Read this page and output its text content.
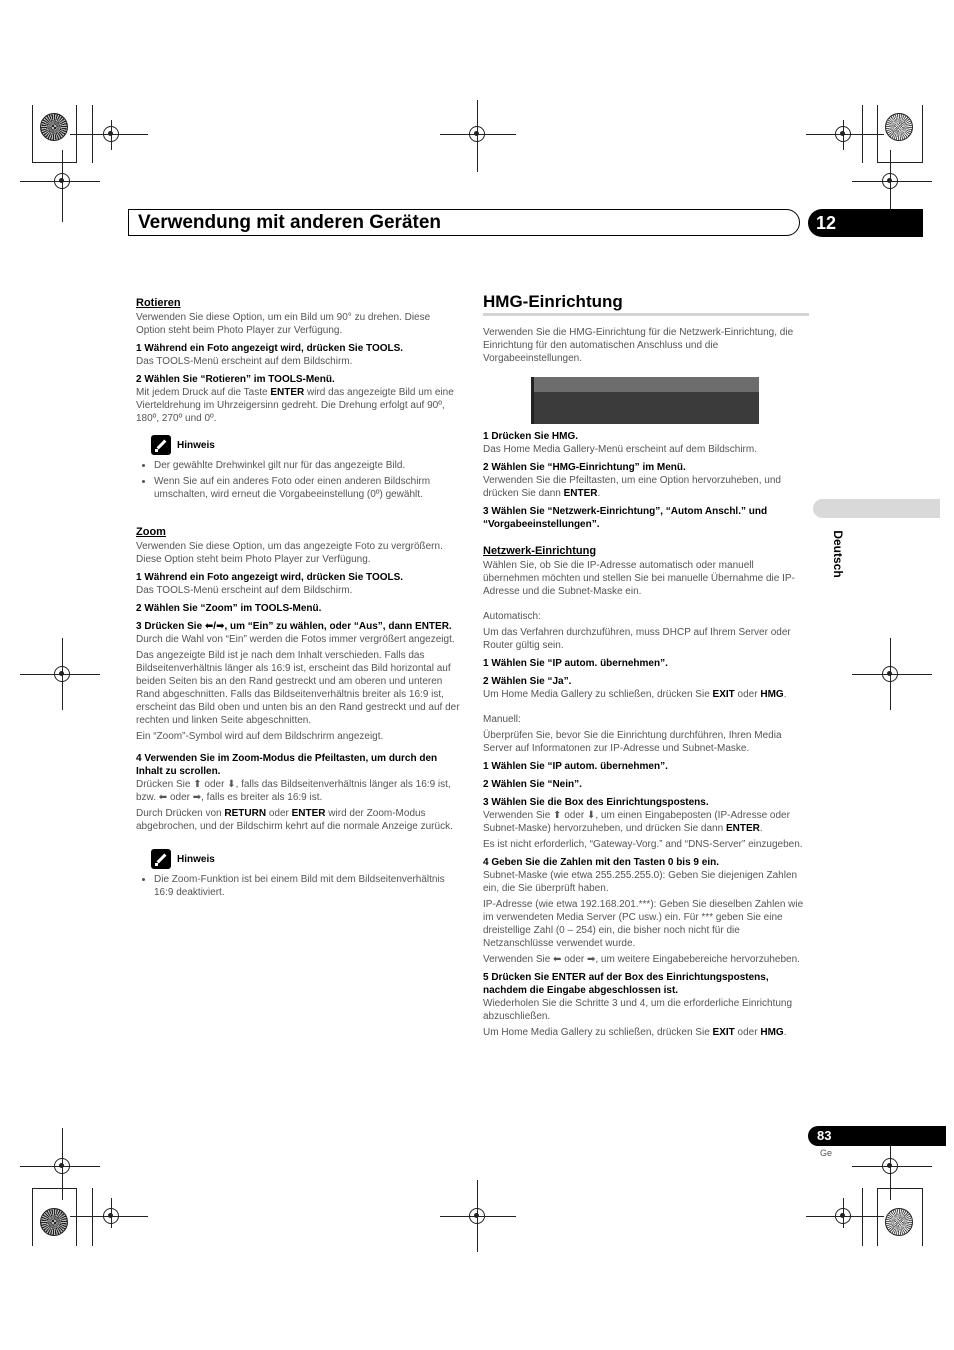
Verwendung mit anderen Geräten	12
Deutsch
83
Ge
Rotieren

Verwenden Sie diese Option, um ein Bild um 90° zu drehen. Diese Option steht beim Photo Player zur Verfügung.

1 Während ein Foto angezeigt wird, drücken Sie TOOLS.

Das TOOLS-Menü erscheint auf dem Bildschirm.

2 Wählen Sie “Rotieren” im TOOLS-Menü.

Mit jedem Druck auf die Taste ENTER wird das angezeigte Bild um eine Vierteldrehung im Uhrzeigersinn gedreht. Die Drehung erfolgt auf 90º, 180º, 270º und 0º.

Hinweis
• Der gewählte Drehwinkel gilt nur für das angezeigte Bild.
• Wenn Sie auf ein anderes Foto oder einen anderen Bildschirm umschalten, wird erneut die Vorgabeeinstellung (0º) gewählt.
Zoom

Verwenden Sie diese Option, um das angezeigte Foto zu vergrößern. Diese Option steht beim Photo Player zur Verfügung.

1 Während ein Foto angezeigt wird, drücken Sie TOOLS.

Das TOOLS-Menü erscheint auf dem Bildschirm.

2 Wählen Sie “Zoom” im TOOLS-Menü.
3 Drücken Sie ⬅/➡, um “Ein” zu wählen, oder “Aus”, dann ENTER.

Durch die Wahl von “Ein” werden die Fotos immer vergrößert angezeigt.

Das angezeigte Bild ist je nach dem Inhalt verschieden. Falls das Bildseitenverhältnis länger als 16:9 ist, erscheint das Bild horizontal auf beiden Seiten bis an den Rand gestreckt und am oberen und unteren Rand abgeschnitten. Falls das Bildseitenverhältnis breiter als 16:9 ist, erscheint das Bild oben und unten bis an den Rand gestreckt und auf der rechten und linken Seite abgeschnitten.

Ein “Zoom”-Symbol wird auf dem Bildschrirm angezeigt.

4 Verwenden Sie im Zoom-Modus die Pfeiltasten, um durch den Inhalt zu scrollen.

Drücken Sie ⬆ oder ⬇, falls das Bildseitenverhältnis länger als 16:9 ist, bzw. ⬅ oder ➡, falls es breiter als 16:9 ist.

Durch Drücken von RETURN oder ENTER wird der Zoom-Modus abgebrochen, und der Bildschirm kehrt auf die normale Anzeige zurück.

Hinweis
• Die Zoom-Funktion ist bei einem Bild mit dem Bildseitenverhältnis 16:9 deaktiviert.
HMG-Einrichtung

Verwenden Sie die HMG-Einrichtung für die Netzwerk-Einrichtung, die Einrichtung für den automatischen Anschluss und die Vorgabeeinstellungen.

1 Drücken Sie HMG.

Das Home Media Gallery-Menü erscheint auf dem Bildschirm.

2 Wählen Sie “HMG-Einrichtung” im Menü.

Verwenden Sie die Pfeiltasten, um eine Option hervorzuheben, und drücken Sie dann ENTER.

3 Wählen Sie “Netzwerk-Einrichtung”, “Autom Anschl.” und “Vorgabeeinstellungen”.
Netzwerk-Einrichtung

Wählen Sie, ob Sie die IP-Adresse automatisch oder manuell übernehmen möchten und stellen Sie bei manuelle Übernahme die IP-Adresse und die Subnet-Maske ein.

Automatisch:

Um das Verfahren durchzuführen, muss DHCP auf Ihrem Server oder Router gültig sein.

1 Wählen Sie “IP autom. übernehmen”.
2 Wählen Sie “Ja”.

Um Home Media Gallery zu schließen, drücken Sie EXIT oder HMG.

Manuell:

Überprüfen Sie, bevor Sie die Einrichtung durchführen, Ihren Media Server auf Informatonen zur IP-Adresse und Subnet-Maske.

1 Wählen Sie “IP autom. übernehmen”.
2 Wählen Sie “Nein”.
3 Wählen Sie die Box des Einrichtungspostens.

Verwenden Sie ⬆ oder ⬇, um einen Eingabeposten (IP-Adresse oder Subnet-Maske) hervorzuheben, und drücken Sie dann ENTER.

Es ist nicht erforderlich, “Gateway-Vorg.” and “DNS-Server” einzugeben.

4 Geben Sie die Zahlen mit den Tasten 0 bis 9 ein.

Subnet-Maske (wie etwa 255.255.255.0): Geben Sie diejenigen Zahlen ein, die Sie überprüft haben.

IP-Adresse (wie etwa 192.168.201.***): Geben Sie dieselben Zahlen wie im verwendeten Media Server (PC usw.) ein. Für *** geben Sie eine dreistellige Zahl (0 – 254) ein, die bisher noch nicht für die Netzanschlüsse verwendet wurde.

Verwenden Sie ⬅ oder ➡, um weitere Eingabebereiche hervorzuheben.

5 Drücken Sie ENTER auf der Box des Einrichtungspostens, nachdem die Eingabe abgeschlossen ist.

Wiederholen Sie die Schritte 3 und 4, um die erforderliche Einrichtung abzuschließen.

Um Home Media Gallery zu schließen, drücken Sie EXIT oder HMG.
